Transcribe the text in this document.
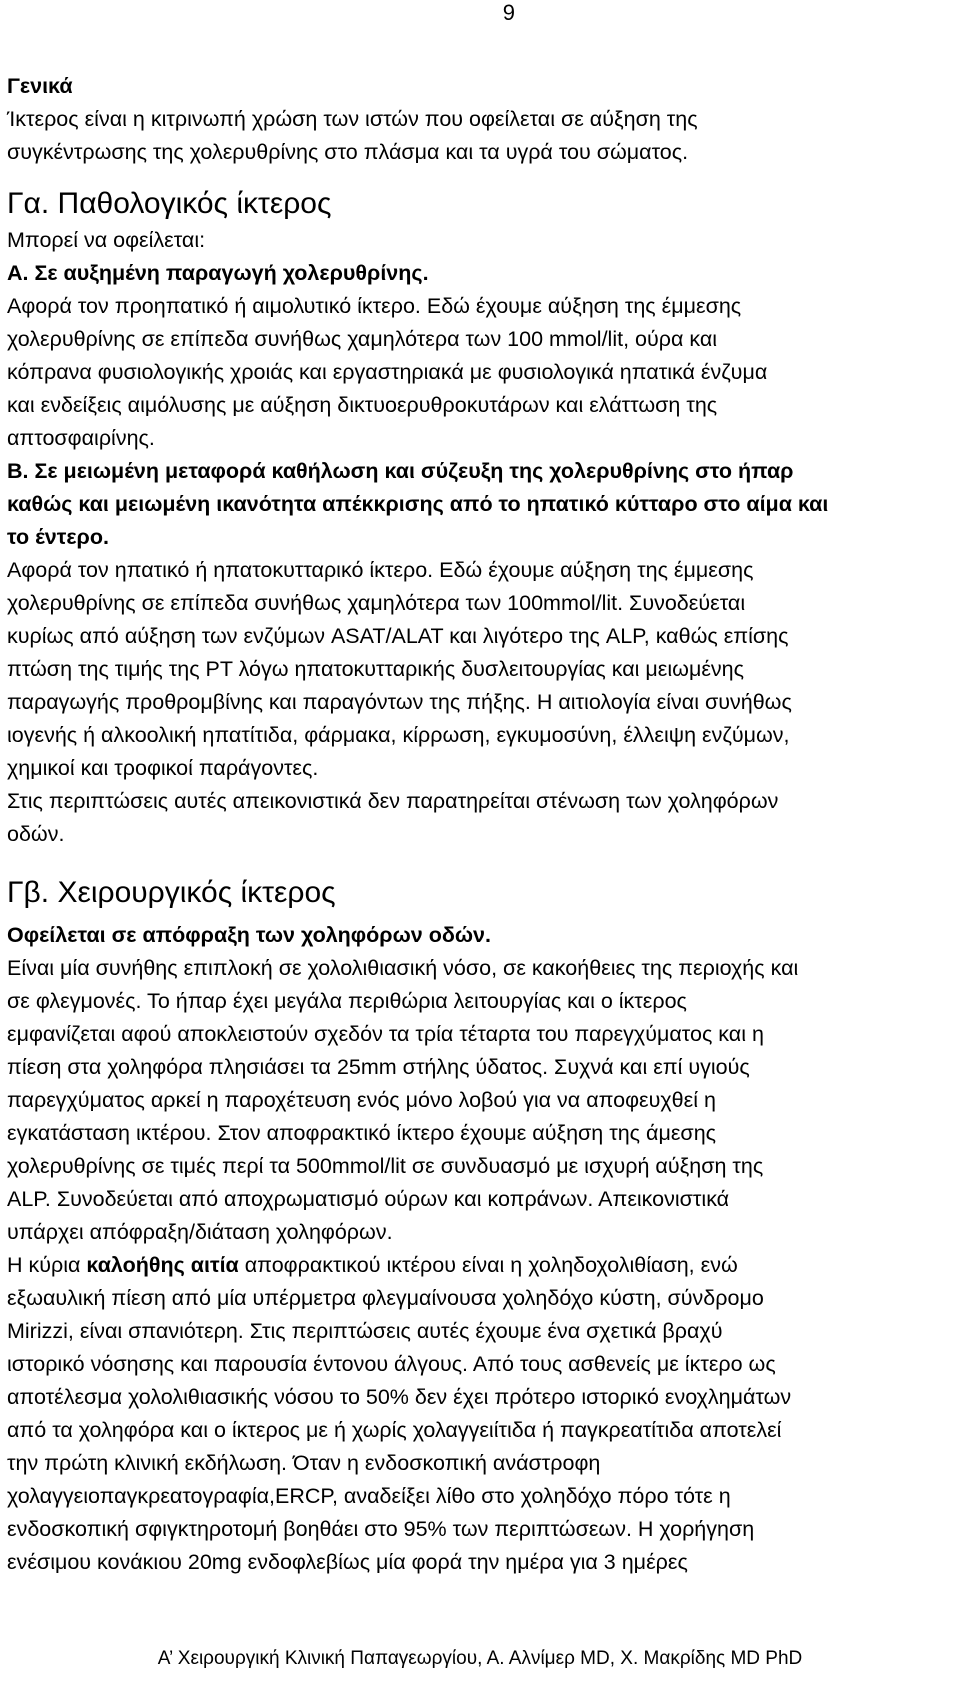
9
Γενικά
Ίκτερος είναι η κιτρινωπή χρώση των ιστών που οφείλεται σε αύξηση της
συγκέντρωσης της χολερυθρίνης στο πλάσμα και τα υγρά του σώματος.
Γα. Παθολογικός ίκτερος
Μπορεί να οφείλεται:
Α. Σε αυξημένη παραγωγή χολερυθρίνης.
Αφορά τον προηπατικό ή αιμολυτικό ίκτερο. Εδώ έχουμε αύξηση της έμμεσης
χολερυθρίνης σε επίπεδα συνήθως χαμηλότερα των 100 mmol/lit, ούρα και
κόπρανα φυσιολογικής χροιάς και εργαστηριακά με φυσιολογικά ηπατικά ένζυμα
και ενδείξεις αιμόλυσης με αύξηση δικτυοερυθροκυτάρων και ελάττωση της
απτοσφαιρίνης.
Β. Σε μειωμένη μεταφορά καθήλωση και σύζευξη της χολερυθρίνης στο ήπαρ
καθώς και μειωμένη ικανότητα απέκκρισης από το ηπατικό κύτταρο στο αίμα και
το έντερο.
Αφορά τον ηπατικό ή ηπατοκυτταρικό ίκτερο. Εδώ έχουμε αύξηση της έμμεσης
χολερυθρίνης σε επίπεδα συνήθως χαμηλότερα των 100mmol/lit. Συνοδεύεται
κυρίως από αύξηση των ενζύμων ASAT/ALAT και λιγότερο της ALP, καθώς επίσης
πτώση της τιμής της PT λόγω ηπατοκυτταρικής δυσλειτουργίας και μειωμένης
παραγωγής προθρομβίνης και παραγόντων της πήξης. Η αιτιολογία είναι συνήθως
ιογενής ή αλκοολική ηπατίτιδα, φάρμακα, κίρρωση, εγκυμοσύνη, έλλειψη ενζύμων,
χημικοί και τροφικοί παράγοντες.
Στις περιπτώσεις αυτές απεικονιστικά δεν παρατηρείται στένωση των χοληφόρων
οδών.
Γβ. Χειρουργικός ίκτερος
Οφείλεται σε απόφραξη των χοληφόρων οδών.
Είναι μία συνήθης επιπλοκή σε χολολιθιασική νόσο, σε κακοήθειες της περιοχής και
σε φλεγμονές. Το ήπαρ έχει μεγάλα περιθώρια λειτουργίας και ο ίκτερος
εμφανίζεται αφού αποκλειστούν σχεδόν τα τρία τέταρτα του παρεγχύματος και η
πίεση στα χοληφόρα πλησιάσει τα 25mm στήλης ύδατος. Συχνά και επί υγιούς
παρεγχύματος αρκεί η παροχέτευση ενός μόνο λοβού για να αποφευχθεί η
εγκατάσταση ικτέρου. Στον αποφρακτικό ίκτερο έχουμε αύξηση της άμεσης
χολερυθρίνης σε τιμές περί τα 500mmol/lit σε συνδυασμό με ισχυρή αύξηση της
ALP. Συνοδεύεται από αποχρωματισμό ούρων και κοπράνων. Απεικονιστικά
υπάρχει απόφραξη/διάταση χοληφόρων.
Η κύρια καλοήθης αιτία αποφρακτικού ικτέρου είναι η χοληδοχολιθίαση, ενώ
εξωαυλική πίεση από μία υπέρμετρα φλεγμαίνουσα χοληδόχο κύστη, σύνδρομο
Mirizzi, είναι σπανιότερη. Στις περιπτώσεις αυτές έχουμε ένα σχετικά βραχύ
ιστορικό νόσησης και παρουσία έντονου άλγους. Από τους ασθενείς με ίκτερο ως
αποτέλεσμα χολολιθιασικής νόσου το 50% δεν έχει πρότερο ιστορικό ενοχλημάτων
από τα χοληφόρα και ο ίκτερος με ή χωρίς χολαγγειίτιδα ή παγκρεατίτιδα αποτελεί
την πρώτη κλινική εκδήλωση. Όταν η ενδοσκοπική ανάστροφη
χολαγγειοπαγκρεατογραφία,ERCP, αναδείξει λίθο στο χοληδόχο πόρο τότε η
ενδοσκοπική σφιγκτηροτομή βοηθάει στο 95% των περιπτώσεων. Η χορήγηση
ενέσιμου κονάκιου 20mg ενδοφλεβίως μία φορά την ημέρα για 3 ημέρες
Α’ Χειρουργική Κλινική Παπαγεωργίου, Α. Αλνίμερ MD, Χ. Μακρίδης MD PhD
